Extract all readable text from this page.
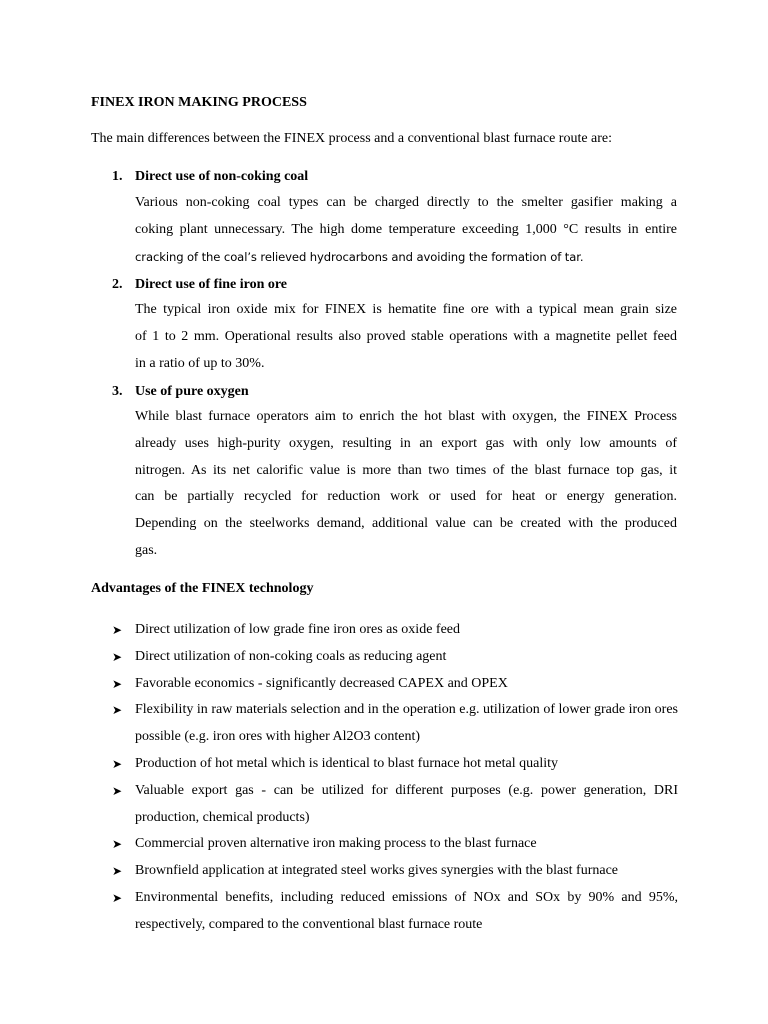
FINEX IRON MAKING PROCESS
The main differences between the FINEX process and a conventional blast furnace route are:
1. Direct use of non-coking coal
Various non-coking coal types can be charged directly to the smelter gasifier making a
coking plant unnecessary. The high dome temperature exceeding 1,000 °C results in entire
cracking of the coal’s relieved hydrocarbons and avoiding the formation of tar.
2. Direct use of fine iron ore
The typical iron oxide mix for FINEX is hematite fine ore with a typical mean grain size
of 1 to 2 mm. Operational results also proved stable operations with a magnetite pellet feed
in a ratio of up to 30%.
3. Use of pure oxygen
While blast furnace operators aim to enrich the hot blast with oxygen, the FINEX Process
already uses high-purity oxygen, resulting in an export gas with only low amounts of
nitrogen. As its net calorific value is more than two times of the blast furnace top gas, it
can be partially recycled for reduction work or used for heat or energy generation.
Depending on the steelworks demand, additional value can be created with the produced
gas.
Advantages of the FINEX technology
➤ Direct utilization of low grade fine iron ores as oxide feed
➤ Direct utilization of non-coking coals as reducing agent
➤ Favorable economics - significantly decreased CAPEX and OPEX
➤ Flexibility in raw materials selection and in the operation e.g. utilization of lower grade iron ores possible (e.g. iron ores with higher Al2O3 content)
➤ Production of hot metal which is identical to blast furnace hot metal quality
➤ Valuable export gas - can be utilized for different purposes (e.g. power generation, DRI production, chemical products)
➤ Commercial proven alternative iron making process to the blast furnace
➤ Brownfield application at integrated steel works gives synergies with the blast furnace
➤ Environmental benefits, including reduced emissions of NOx and SOx by 90% and 95%, respectively, compared to the conventional blast furnace route
